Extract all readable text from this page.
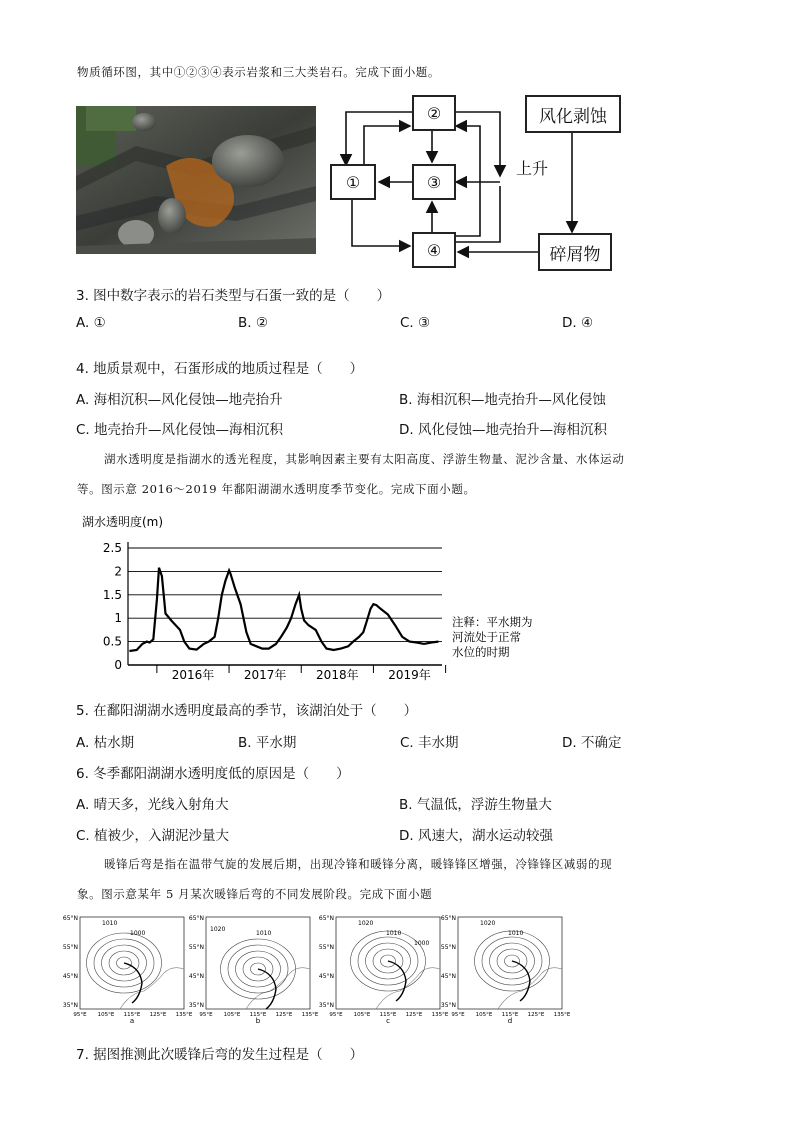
物质循环图，其中①②③④表示岩浆和三大类岩石。完成下面小题。
②
①	③
④
风化剥蚀
碎屑物
上升
3. 图中数字表示的岩石类型与石蛋一致的是（　　）
A. ①	B. ②	C. ③	D. ④
4. 地质景观中，石蛋形成的地质过程是（　　）
A. 海相沉积—风化侵蚀—地壳抬升	B. 海相沉积—地壳抬升—风化侵蚀
C. 地壳抬升—风化侵蚀—海相沉积	D. 风化侵蚀—地壳抬升—海相沉积
湖水透明度是指湖水的透光程度，其影响因素主要有太阳高度、浮游生物量、泥沙含量、水体运动
等。图示意 2016～2019 年鄱阳湖湖水透明度季节变化。完成下面小题。
湖水透明度(m)
0
0.5
1
1.5
2
2.5
2016年 2017年 2018年 2019年
注释：平水期为
河流处于正常
水位的时期
5. 在鄱阳湖湖水透明度最高的季节，该湖泊处于（　　）
A. 枯水期	B. 平水期	C. 丰水期	D. 不确定
6. 冬季鄱阳湖湖水透明度低的原因是（　　）
A. 晴天多，光线入射角大	B. 气温低，浮游生物量大
C. 植被少，入湖泥沙量大	D. 风速大，湖水运动较强
暖锋后弯是指在温带气旋的发展后期，出现冷锋和暖锋分离，暖锋锋区增强，冷锋锋区减弱的现
象。图示意某年 5 月某次暖锋后弯的不同发展阶段。完成下面小题
1010
1000
65°N
55°N
45°N
35°N
95°E 105°E 115°E 125°E 135°E
a
1020
1010
65°N
55°N
45°N
35°N
95°E 105°E 115°E 125°E 135°E
b
1020
1010
1000
65°N
55°N
45°N
35°N
95°E 105°E 115°E 125°E 135°E
c
1020
1010
65°N
55°N
45°N
35°N
95°E 105°E 115°E 125°E 135°E
d
7. 据图推测此次暖锋后弯的发生过程是（　　）
